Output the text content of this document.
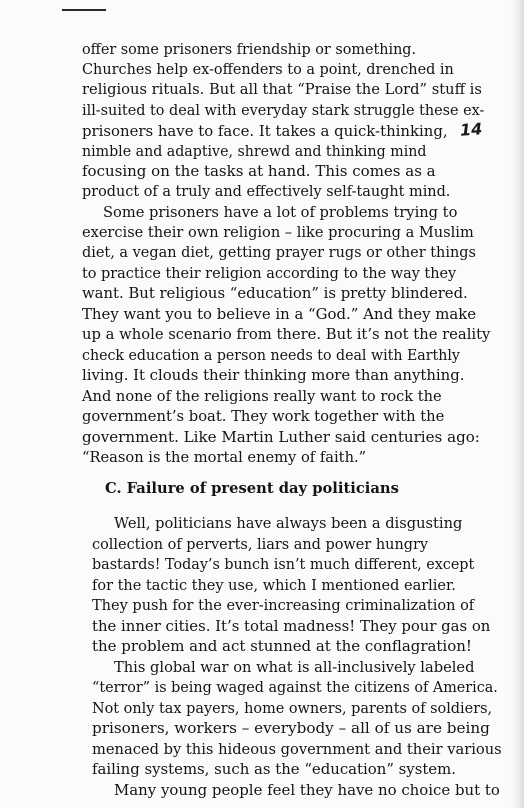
14
offer some prisoners friendship or something.
Churches help ex-offenders to a point, drenched in
religious rituals. But all that “Praise the Lord” stuff is
ill-suited to deal with everyday stark struggle these ex-
prisoners have to face. It takes a quick-thinking,
nimble and adaptive, shrewd and thinking mind
focusing on the tasks at hand. This comes as a
product of a truly and effectively self-taught mind.
Some prisoners have a lot of problems trying to
exercise their own religion – like procuring a Muslim
diet, a vegan diet, getting prayer rugs or other things
to practice their religion according to the way they
want. But religious “education” is pretty blindered.
They want you to believe in a “God.” And they make
up a whole scenario from there. But it’s not the reality
check education a person needs to deal with Earthly
living. It clouds their thinking more than anything.
And none of the religions really want to rock the
government’s boat. They work together with the
government. Like Martin Luther said centuries ago:
“Reason is the mortal enemy of faith.”
C. Failure of present day politicians
Well, politicians have always been a disgusting
collection of perverts, liars and power hungry
bastards! Today’s bunch isn’t much different, except
for the tactic they use, which I mentioned earlier.
They push for the ever-increasing criminalization of
the inner cities. It’s total madness! They pour gas on
the problem and act stunned at the conflagration!
This global war on what is all-inclusively labeled
“terror” is being waged against the citizens of America.
Not only tax payers, home owners, parents of soldiers,
prisoners, workers – everybody – all of us are being
menaced by this hideous government and their various
failing systems, such as the “education” system.
Many young people feel they have no choice but to
